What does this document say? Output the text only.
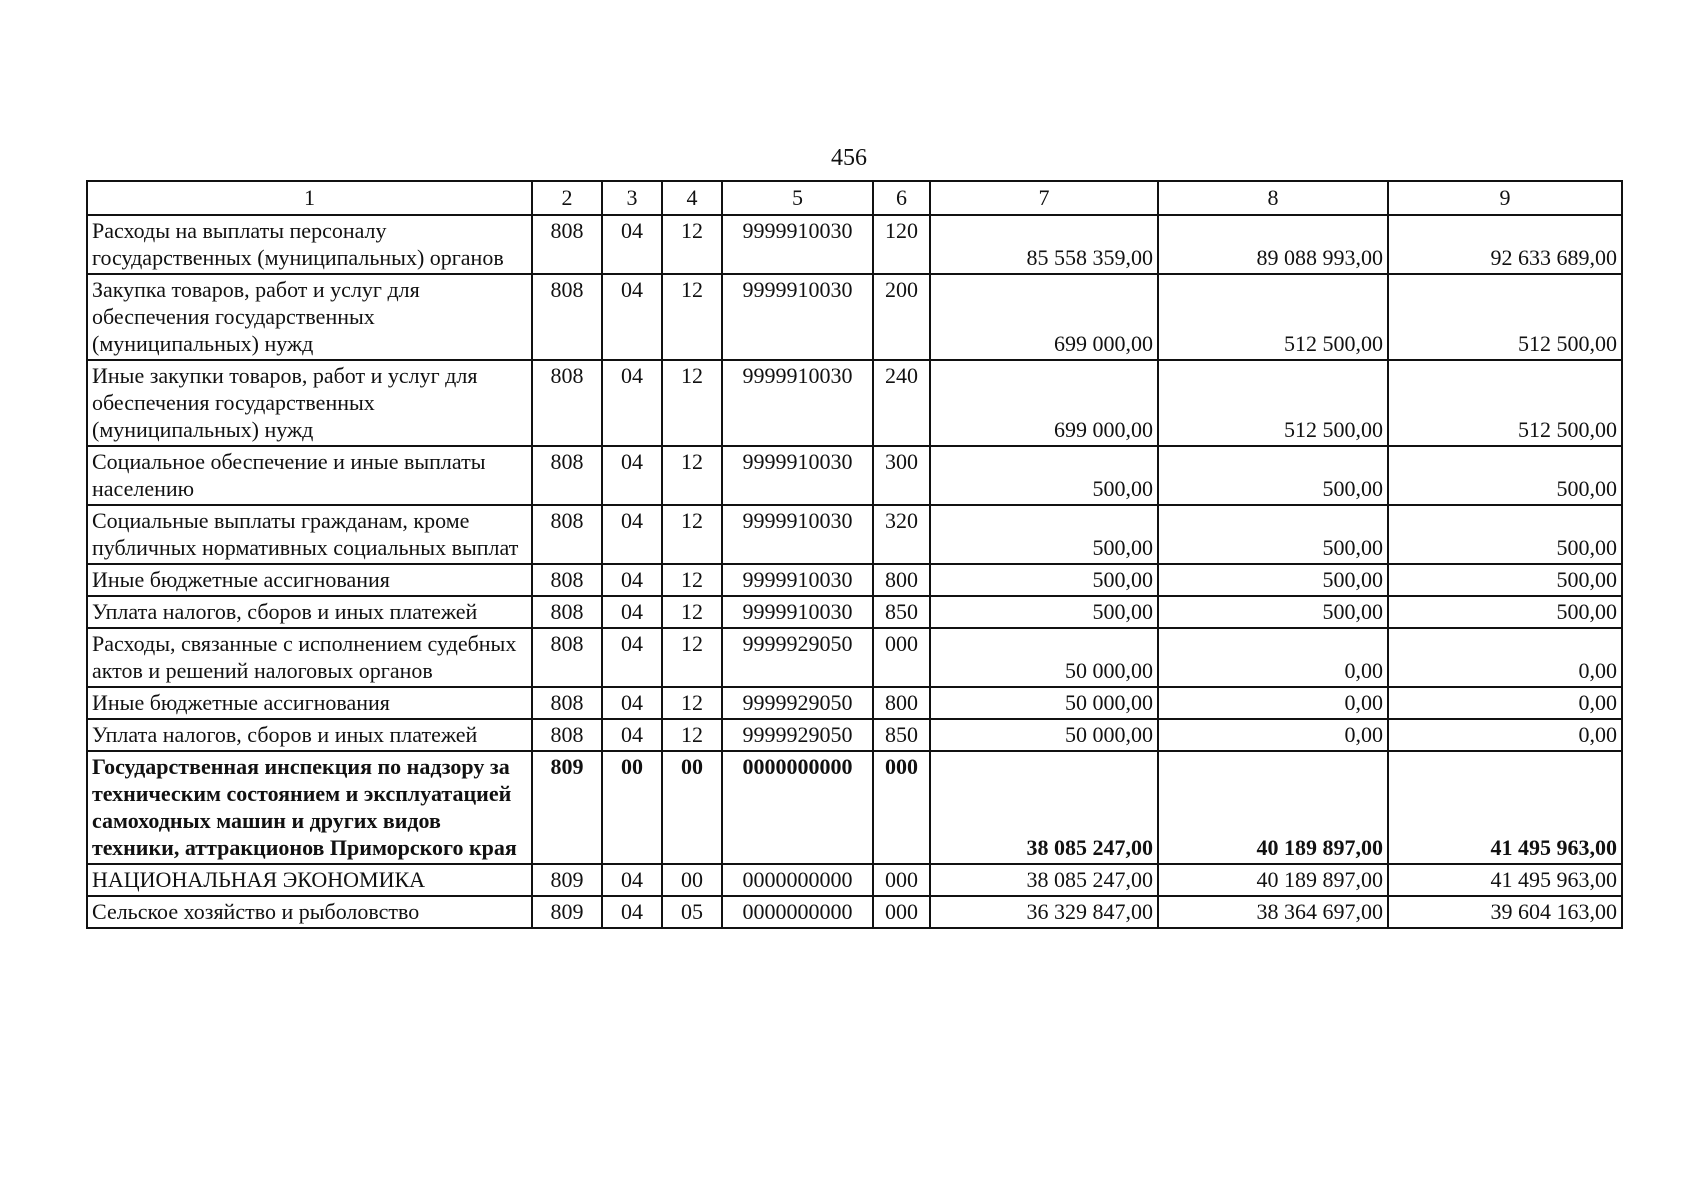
456
1	2	3	4	5	6	7	8	9
Расходы на выплаты персоналу государственных (муниципальных) органов	808	04	12	9999910030	120	85 558 359,00	89 088 993,00	92 633 689,00
Закупка товаров, работ и услуг для обеспечения государственных (муниципальных) нужд	808	04	12	9999910030	200	699 000,00	512 500,00	512 500,00
Иные закупки товаров, работ и услуг для обеспечения государственных (муниципальных) нужд	808	04	12	9999910030	240	699 000,00	512 500,00	512 500,00
Социальное обеспечение и иные выплаты населению	808	04	12	9999910030	300	500,00	500,00	500,00
Социальные выплаты гражданам, кроме публичных нормативных социальных выплат	808	04	12	9999910030	320	500,00	500,00	500,00
Иные бюджетные ассигнования	808	04	12	9999910030	800	500,00	500,00	500,00
Уплата налогов, сборов и иных платежей	808	04	12	9999910030	850	500,00	500,00	500,00
Расходы, связанные с исполнением судебных актов и решений налоговых органов	808	04	12	9999929050	000	50 000,00	0,00	0,00
Иные бюджетные ассигнования	808	04	12	9999929050	800	50 000,00	0,00	0,00
Уплата налогов, сборов и иных платежей	808	04	12	9999929050	850	50 000,00	0,00	0,00
Государственная инспекция по надзору за техническим состоянием и эксплуатацией самоходных машин и других видов техники, аттракционов Приморского края	809	00	00	0000000000	000	38 085 247,00	40 189 897,00	41 495 963,00
НАЦИОНАЛЬНАЯ ЭКОНОМИКА	809	04	00	0000000000	000	38 085 247,00	40 189 897,00	41 495 963,00
Сельское хозяйство и рыболовство	809	04	05	0000000000	000	36 329 847,00	38 364 697,00	39 604 163,00
